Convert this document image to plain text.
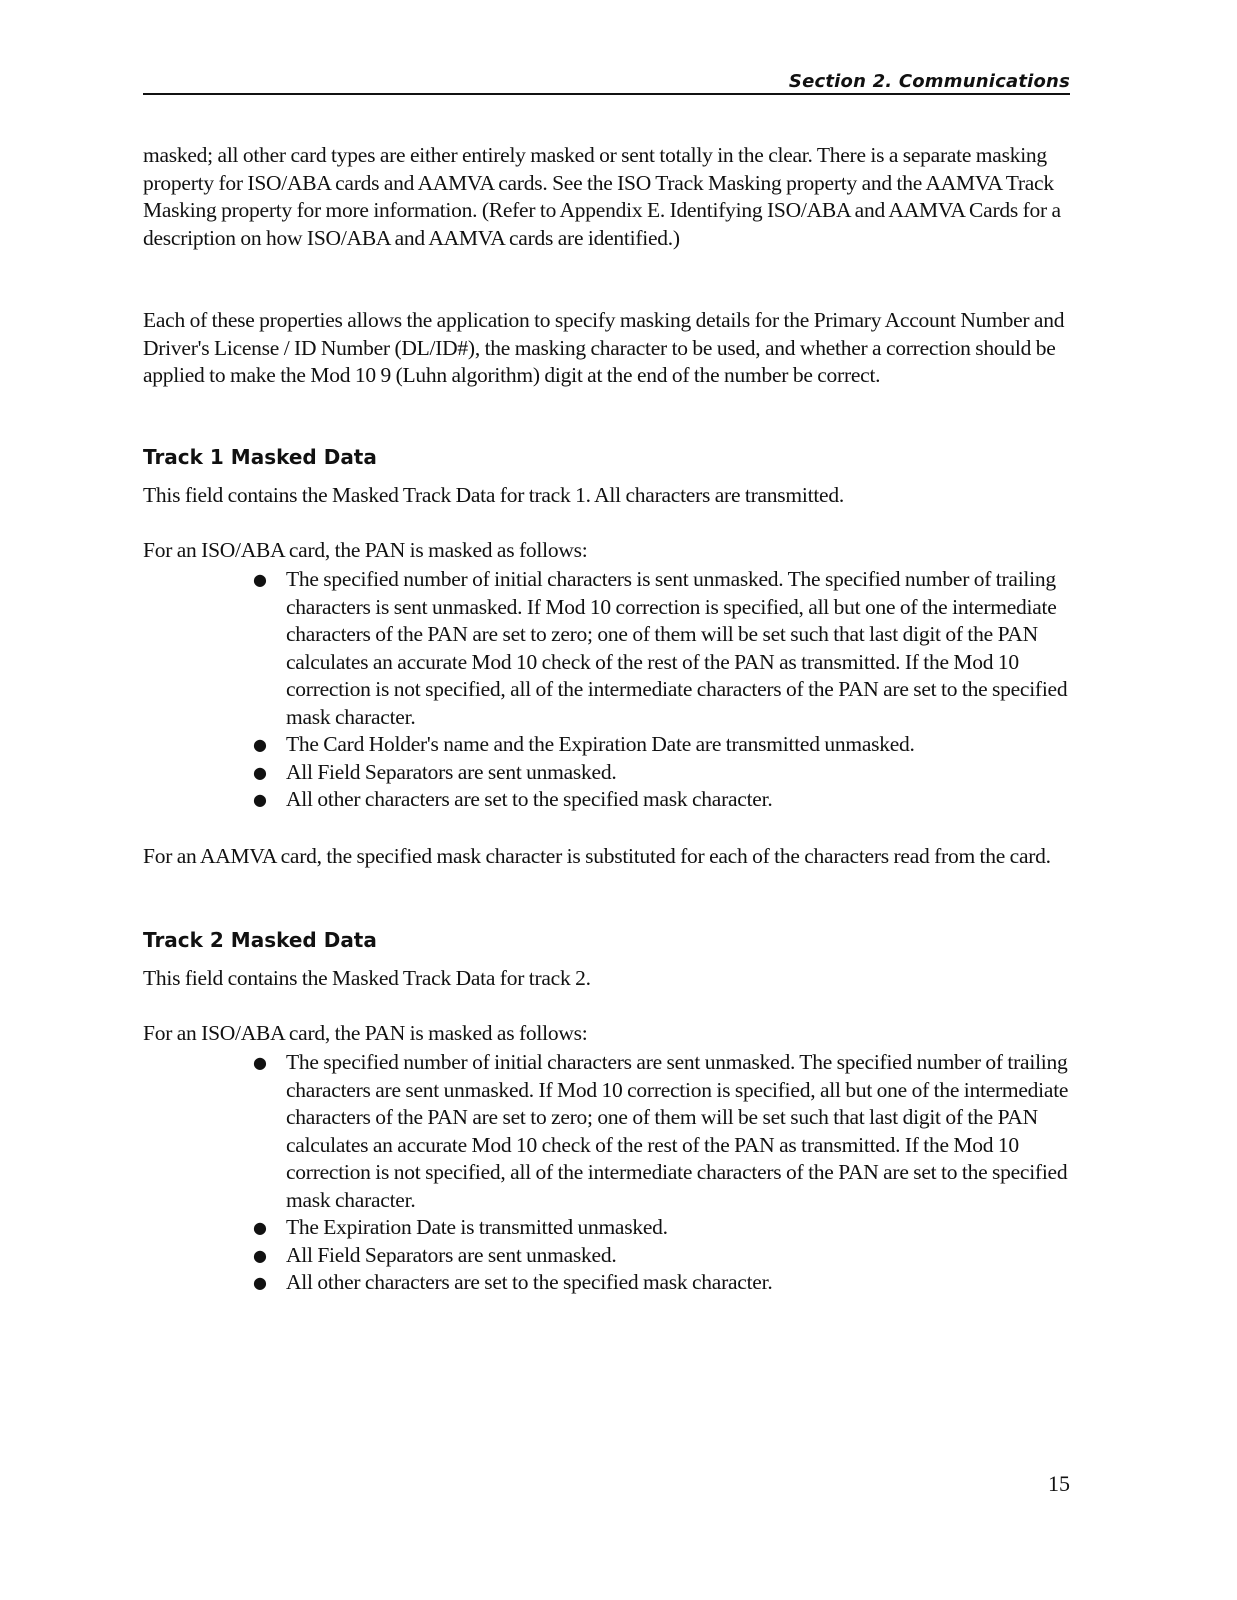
Section 2. Communications

masked; all other card types are either entirely masked or sent totally in the clear. There is a separate masking property for ISO/ABA cards and AAMVA cards. See the ISO Track Masking property and the AAMVA Track Masking property for more information. (Refer to Appendix E. Identifying ISO/ABA and AAMVA Cards for a description on how ISO/ABA and AAMVA cards are identified.)

Each of these properties allows the application to specify masking details for the Primary Account Number and Driver's License / ID Number (DL/ID#), the masking character to be used, and whether a correction should be applied to make the Mod 10 9 (Luhn algorithm) digit at the end of the number be correct.

Track 1 Masked Data

This field contains the Masked Track Data for track 1. All characters are transmitted.

For an ISO/ABA card, the PAN is masked as follows:

● The specified number of initial characters is sent unmasked. The specified number of trailing characters is sent unmasked. If Mod 10 correction is specified, all but one of the intermediate characters of the PAN are set to zero; one of them will be set such that last digit of the PAN calculates an accurate Mod 10 check of the rest of the PAN as transmitted. If the Mod 10 correction is not specified, all of the intermediate characters of the PAN are set to the specified mask character.
● The Card Holder's name and the Expiration Date are transmitted unmasked.
● All Field Separators are sent unmasked.
● All other characters are set to the specified mask character.

For an AAMVA card, the specified mask character is substituted for each of the characters read from the card.

Track 2 Masked Data

This field contains the Masked Track Data for track 2.

For an ISO/ABA card, the PAN is masked as follows:

● The specified number of initial characters are sent unmasked. The specified number of trailing characters are sent unmasked. If Mod 10 correction is specified, all but one of the intermediate characters of the PAN are set to zero; one of them will be set such that last digit of the PAN calculates an accurate Mod 10 check of the rest of the PAN as transmitted. If the Mod 10 correction is not specified, all of the intermediate characters of the PAN are set to the specified mask character.
● The Expiration Date is transmitted unmasked.
● All Field Separators are sent unmasked.
● All other characters are set to the specified mask character.
15
